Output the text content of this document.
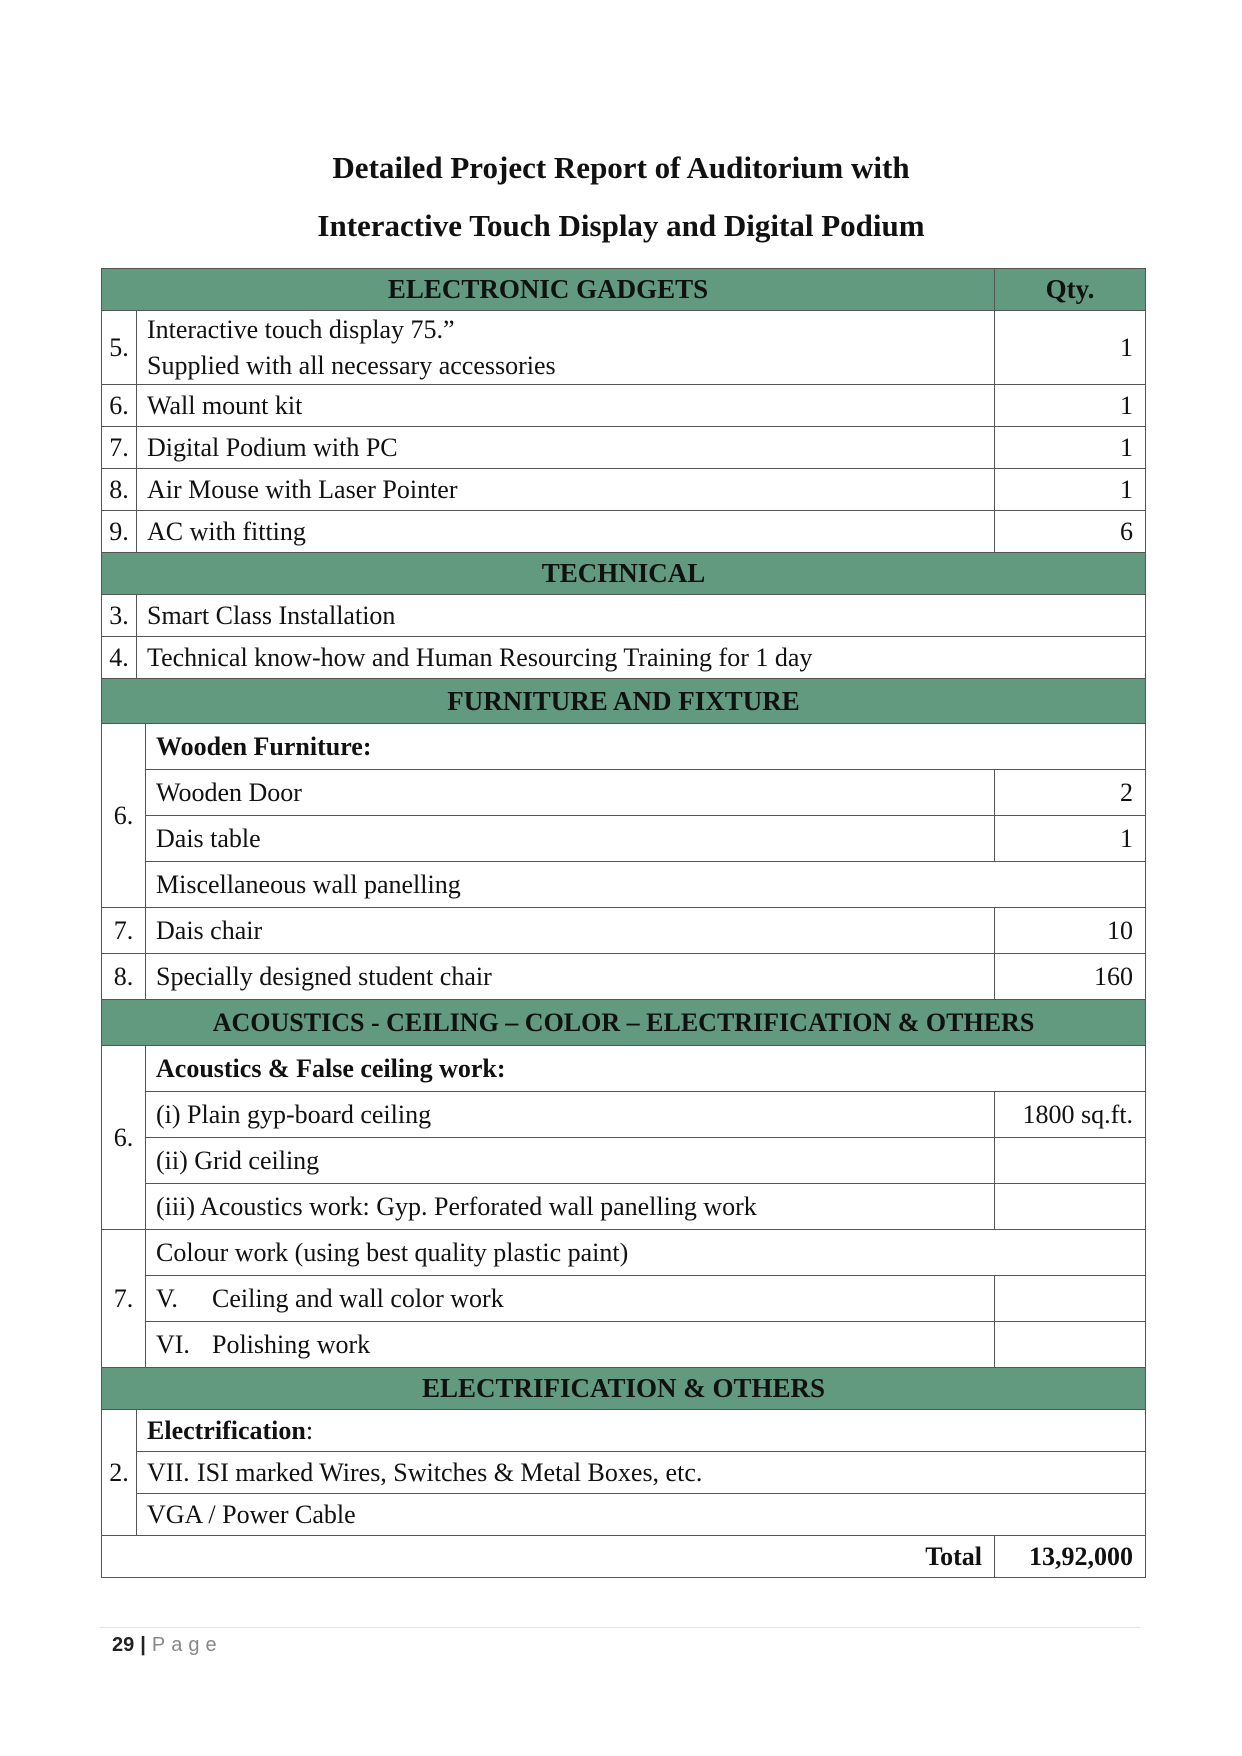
Detailed Project Report of Auditorium with
Interactive Touch Display and Digital Podium
ELECTRONIC GADGETS			Qty.
5.	Interactive touch display 75.”
Supplied with all necessary accessories		1
6.	Wall mount kit		1
7.	Digital Podium with PC		1
8.	Air Mouse with Laser Pointer		1
9.	AC with fitting		6
TECHNICAL			
3.	Smart Class Installation		
4.	Technical know-how and Human Resourcing Training for 1 day		
FURNITURE AND FIXTURE			
6.		Wooden Furniture:	
		Wooden Door	2
		Dais table	1
		Miscellaneous wall panelling	
7.		Dais chair	10
8.		Specially designed student chair	160
ACOUSTICS - CEILING – COLOR – ELECTRIFICATION & OTHERS			
6.		Acoustics & False ceiling work:	
		(i) Plain gyp-board ceiling	1800 sq.ft.
		(ii) Grid ceiling	
		(iii) Acoustics work: Gyp. Perforated wall panelling work	
7.		Colour work (using best quality plastic paint)	
		V. Ceiling and wall color work	
		VI. Polishing work	
ELECTRIFICATION & OTHERS			
2.	Electrification:		
	VII. ISI marked Wires, Switches & Metal Boxes, etc.		
	VGA / Power Cable		
Total			13,92,000
29 | Page
